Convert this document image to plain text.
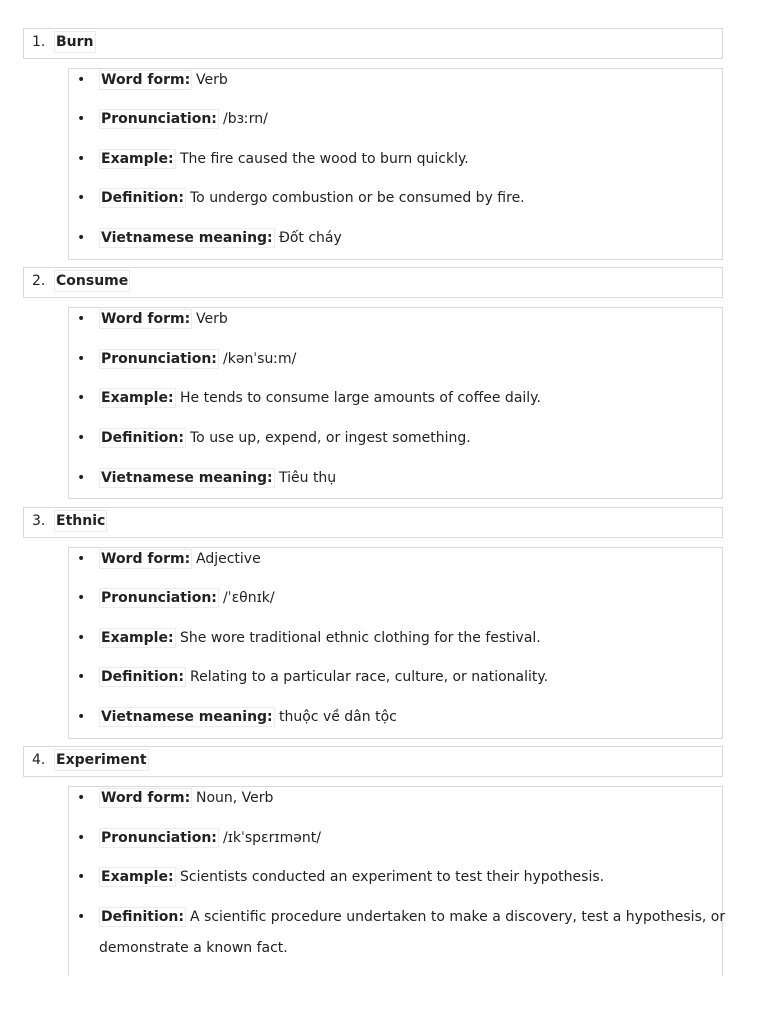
1. Burn
• Word form: Verb
• Pronunciation: /bɜːrn/
• Example: The fire caused the wood to burn quickly.
• Definition: To undergo combustion or be consumed by fire.
• Vietnamese meaning: Đốt cháy
2. Consume
• Word form: Verb
• Pronunciation: /kənˈsuːm/
• Example: He tends to consume large amounts of coffee daily.
• Definition: To use up, expend, or ingest something.
• Vietnamese meaning: Tiêu thụ
3. Ethnic
• Word form: Adjective
• Pronunciation: /ˈɛθnɪk/
• Example: She wore traditional ethnic clothing for the festival.
• Definition: Relating to a particular race, culture, or nationality.
• Vietnamese meaning: thuộc về dân tộc
4. Experiment
• Word form: Noun, Verb
• Pronunciation: /ɪkˈspɛrɪmənt/
• Example: Scientists conducted an experiment to test their hypothesis.
• Definition: A scientific procedure undertaken to make a discovery, test a hypothesis, or
demonstrate a known fact.
